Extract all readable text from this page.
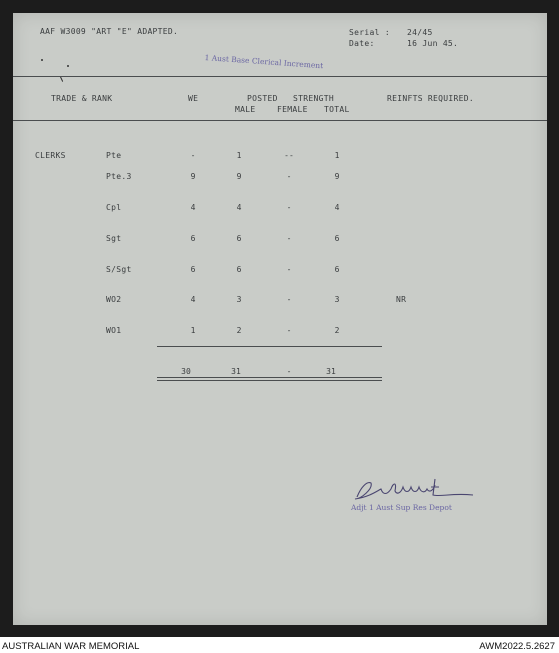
AAF W3009 "ART "E" ADAPTED.	Serial : 24/45
Date:	16 Jun 45.
1 Aust Base Clerical Increment
TRADE & RANK	WE	POSTED   STRENGTH
MALE	FEMALE TOTAL
REINFTS REQUIRED.
CLERKS	Pte	-	1	--	1
Pte.3	9	9	-	9
Cpl	4	4	-	4
Sgt	6	6	-	6
S/Sgt	6	6	-	6
WO2	4	3	-	3	NR
WO1	1	2	-	2
30	31	-	31
Adjt 1 Aust Sup Res Depot
AUSTRALIAN WAR MEMORIAL	AWM2022.5.2627
